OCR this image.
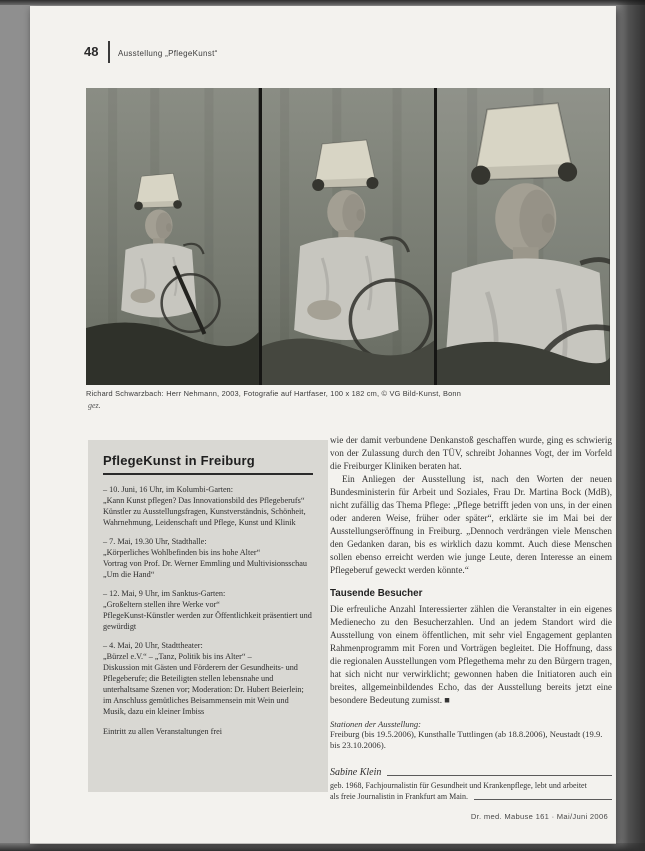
48 Ausstellung „PflegeKunst“

Richard Schwarzbach: Herr Nehmann, 2003, Fotografie auf Hartfaser, 100 x 182 cm, © VG Bild-Kunst, Bonn

gez.
PflegeKunst in Freiburg

– 10. Juni, 16 Uhr, im Kolumbi-Garten:

„Kann Kunst pflegen? Das Innovationsbild des Pflegeberufs“

Künstler zu Ausstellungsfragen, Kunstverständnis, Schönheit, Wahrnehmung, Leidenschaft und Pflege, Kunst und Klinik

– 7. Mai, 19.30 Uhr, Stadthalle:

„Körperliches Wohlbefinden bis ins hohe Alter“

Vortrag von Prof. Dr. Werner Emmling und Multivisionsschau „Um die Hand“

– 12. Mai, 9 Uhr, im Sanktus-Garten:

„Großeltern stellen ihre Werke vor“

PflegeKunst-Künstler werden zur Öffentlichkeit präsentiert und gewürdigt

– 4. Mai, 20 Uhr, Stadttheater:

„Bürzel e.V.“ – „Tanz, Politik bis ins Alter“ –

Diskussion mit Gästen und Förderern der Gesundheits- und Pflegeberufe; die Beteiligten stellen lebensnahe und unterhaltsame Szenen vor; Moderation: Dr. Hubert Beierlein; im Anschluss gemütliches Beisammensein mit Wein und Musik, dazu ein kleiner Imbiss

Eintritt zu allen Veranstaltungen frei

wie der damit verbundene Denkanstoß geschaffen wurde, ging es schwierig von der Zulassung durch den TÜV, schreibt Johannes Vogt, der im Vorfeld die Freiburger Kliniken beraten hat.

Ein Anliegen der Ausstellung ist, nach den Worten der neuen Bundesministerin für Arbeit und Soziales, Frau Dr. Martina Bock (MdB), nicht zufällig das Thema Pflege: „Pflege betrifft jeden von uns, in der einen oder anderen Weise, früher oder später“, erklärte sie im Mai bei der Ausstellungseröffnung in Freiburg. „Dennoch verdrängen viele Menschen den Gedanken daran, bis es wirklich dazu kommt. Auch diese Menschen sollen ebenso erreicht werden wie junge Leute, deren Interesse an einem Pflegeberuf geweckt werden könnte.“

Tausende Besucher

Die erfreuliche Anzahl Interessierter zählen die Veranstalter in ein eigenes Medienecho zu den Besucherzahlen. Und an jedem Standort wird die Ausstellung von einem öffentlichen, mit sehr viel Engagement geplanten Rahmenprogramm mit Foren und Vorträgen begleitet. Die Hoffnung, dass die regionalen Ausstellungen vom Pflegethema mehr zu den Bürgern tragen, hat sich nicht nur verwirklicht; gewonnen haben die Initiatoren auch ein breites, allgemeinbildendes Echo, das der Ausstellung bereits jetzt eine besondere Bedeutung zumisst. ■

Stationen der Ausstellung:

Freiburg (bis 19.5.2006), Kunsthalle Tuttlingen (ab 18.8.2006), Neustadt (19.9. bis 23.10.2006).

Sabine Klein
geb. 1968, Fachjournalistin für Gesundheit und Krankenpflege, lebt und arbeitet
als freie Journalistin in Frankfurt am Main.
Dr. med. Mabuse 161 · Mai/Juni 2006
